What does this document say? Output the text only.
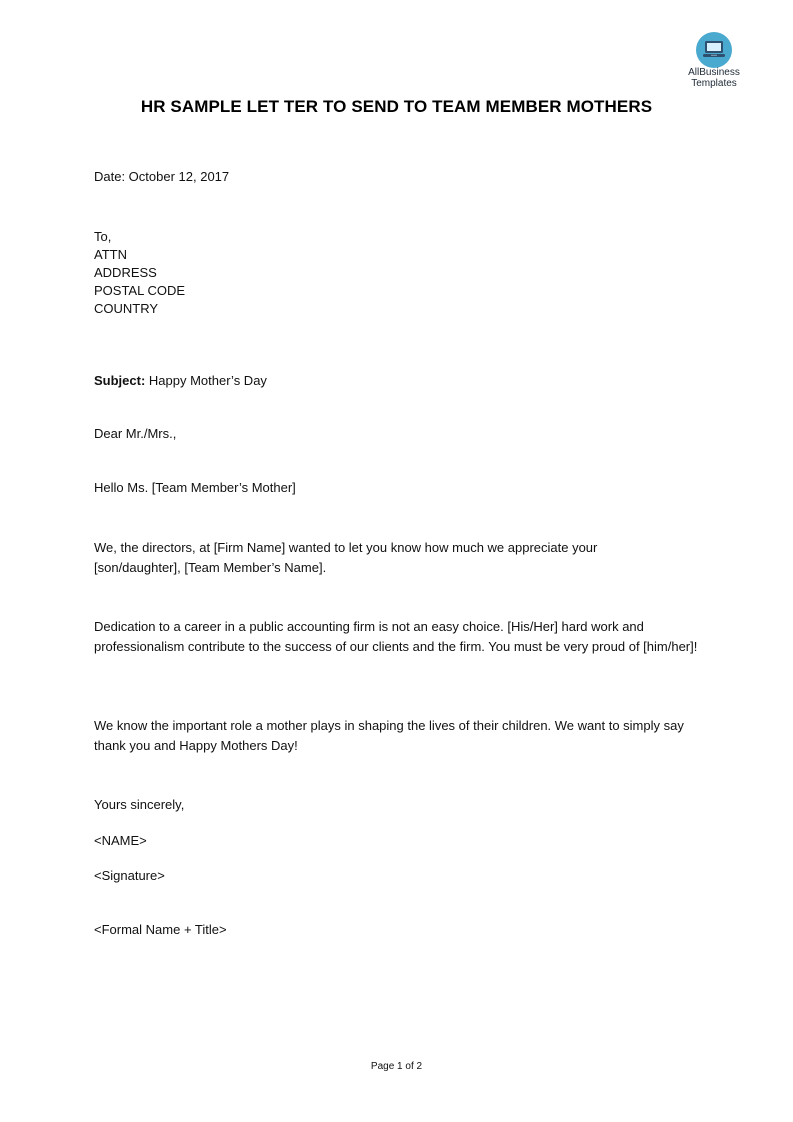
AllBusiness
Templates
HR SAMPLE LET TER TO SEND TO TEAM MEMBER MOTHERS
Date: October 12, 2017
To,
ATTN
ADDRESS
POSTAL CODE
COUNTRY
Subject: Happy Mother’s Day
Dear Mr./Mrs.,
Hello Ms. [Team Member’s Mother]
We, the directors, at [Firm Name] wanted to let you know how much we appreciate your [son/daughter], [Team Member’s Name].
Dedication to a career in a public accounting firm is not an easy choice. [His/Her] hard work and professionalism contribute to the success of our clients and the firm. You must be very proud of [him/her]!
We know the important role a mother plays in shaping the lives of their children. We want to simply say thank you and Happy Mothers Day!
Yours sincerely,
<NAME>
<Signature>
<Formal Name + Title>
Page 1 of 2
